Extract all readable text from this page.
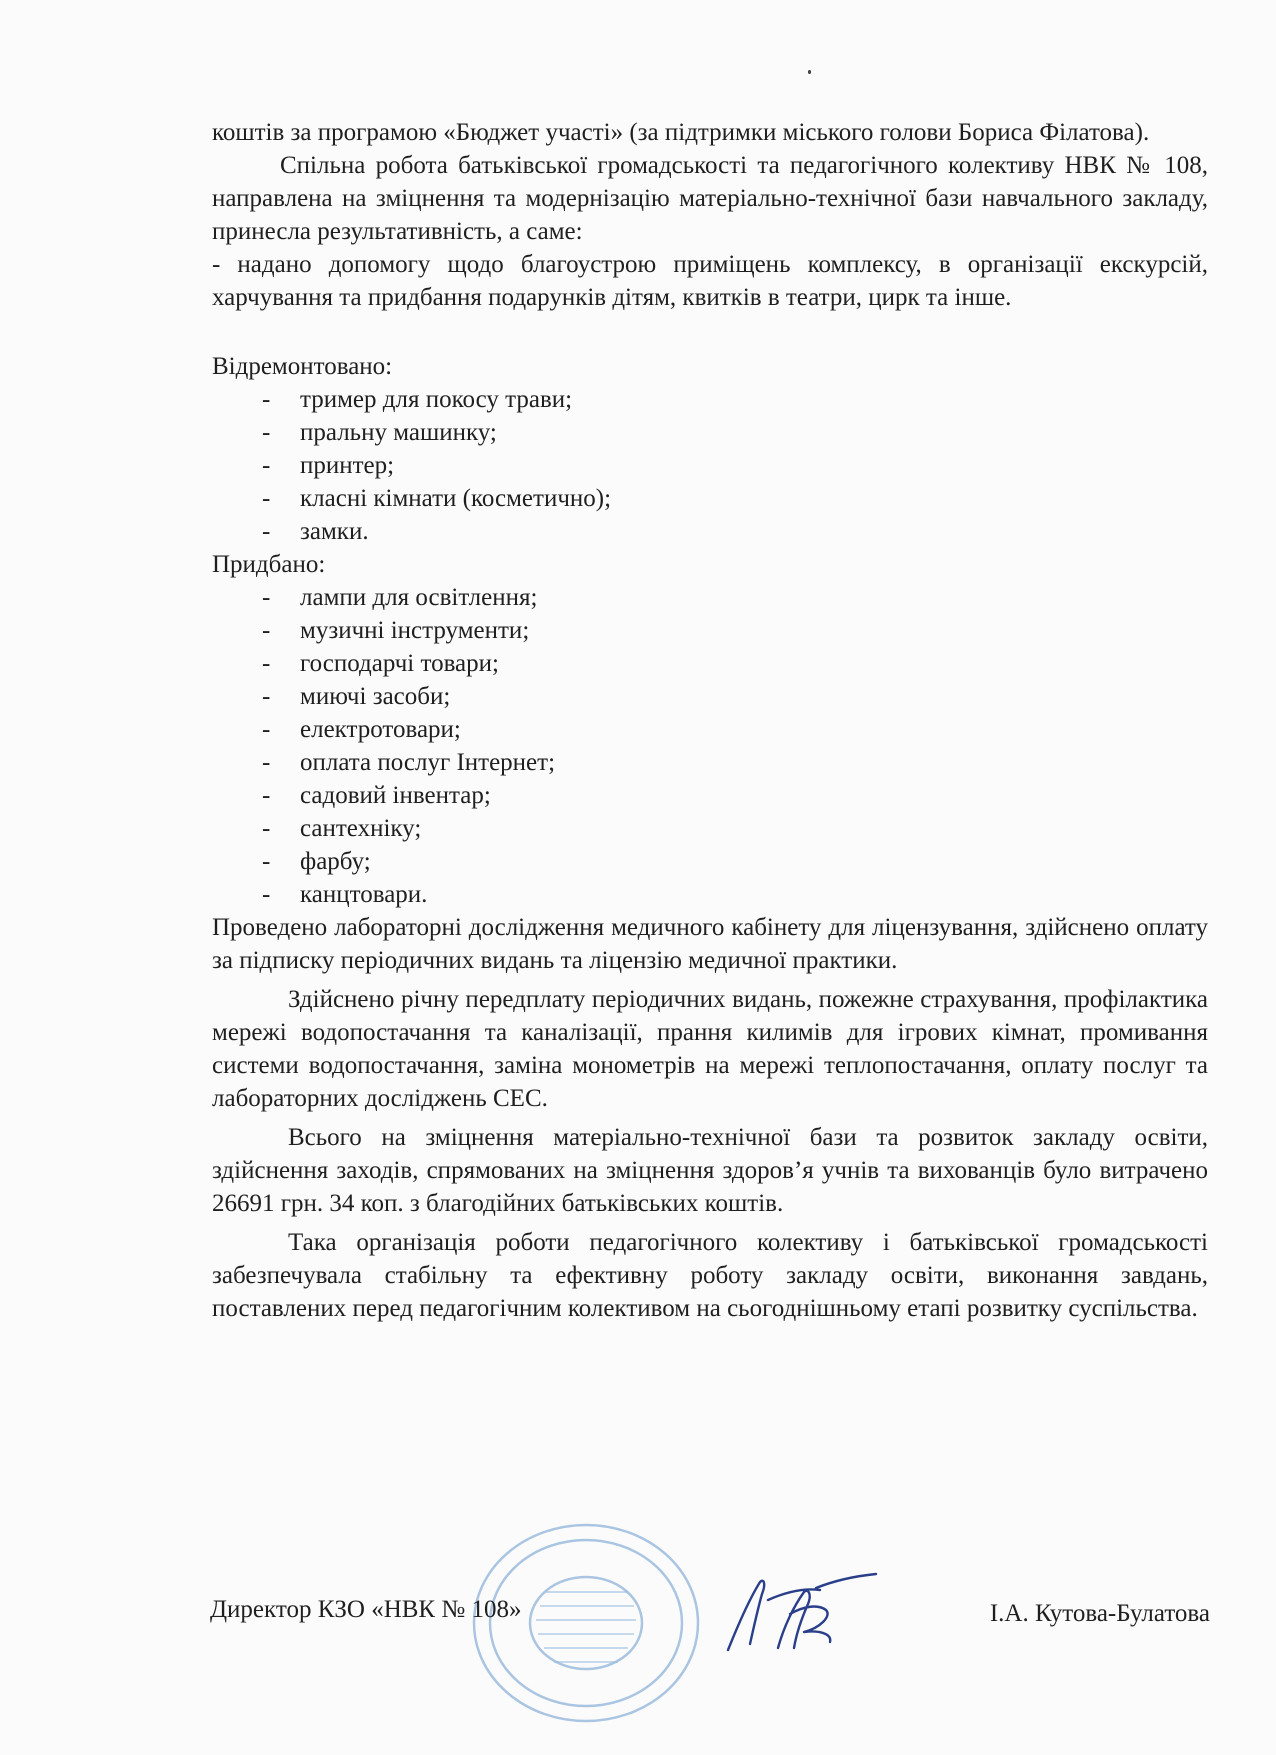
коштів за програмою «Бюджет участі» (за підтримки міського голови Бориса Філатова).

Спільна робота батьківської громадськості та педагогічного колективу НВК № 108, направлена на зміцнення та модернізацію матеріально-технічної бази навчального закладу, принесла результативність, а саме:

- надано допомогу щодо благоустрою приміщень комплексу, в організації екскурсій, харчування та придбання подарунків дітям, квитків в театри, цирк та інше.

Відремонтовано:

- тример для покосу трави;
- пральну машинку;
- принтер;
- класні кімнати (косметично);
- замки.

Придбано:

- лампи для освітлення;
- музичні інструменти;
- господарчі товари;
- миючі засоби;
- електротовари;
- оплата послуг Інтернет;
- садовий інвентар;
- сантехніку;
- фарбу;
- канцтовари.

Проведено лабораторні дослідження медичного кабінету для ліцензування, здійснено оплату за підписку періодичних видань та ліцензію медичної практики.

Здійснено річну передплату періодичних видань, пожежне страхування, профілактика мережі водопостачання та каналізації, прання килимів для ігрових кімнат, промивання системи водопостачання, заміна монометрів на мережі теплопостачання, оплату послуг та лабораторних досліджень СЕС.

Всього на зміцнення матеріально-технічної бази та розвиток закладу освіти, здійснення заходів, спрямованих на зміцнення здоров’я учнів та вихованців було витрачено 26691 грн. 34 коп. з благодійних батьківських коштів.

Така організація роботи педагогічного колективу і батьківської громадськості забезпечувала стабільну та ефективну роботу закладу освіти, виконання завдань, поставлених перед педагогічним колективом на сьогоднішньому етапі розвитку суспільства.

Директор КЗО «НВК № 108»	І.А. Кутова-Булатова
